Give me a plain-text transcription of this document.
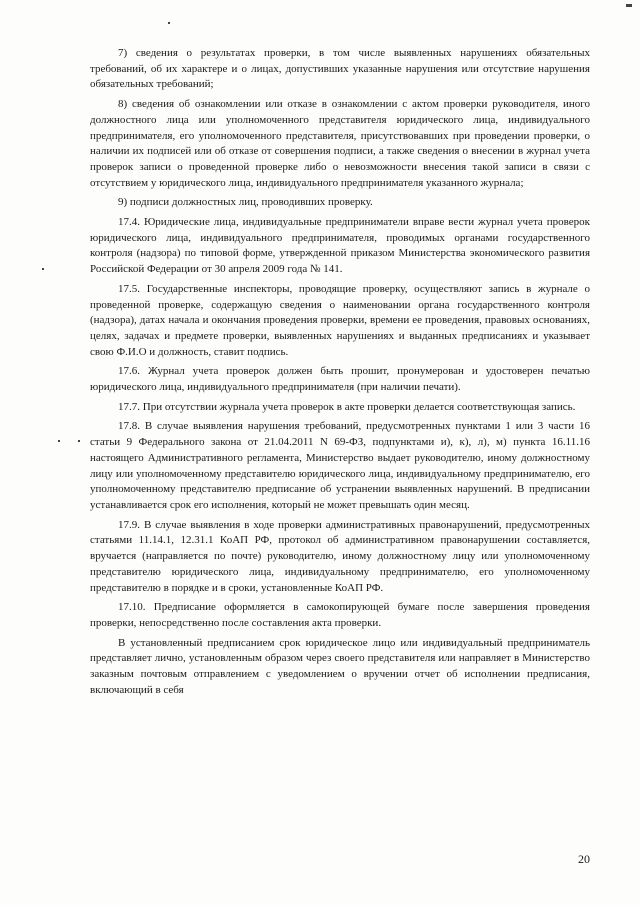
7) сведения о результатах проверки, в том числе выявленных нарушениях обязательных требований, об их характере и о лицах, допустивших указанные нарушения или отсутствие нарушения обязательных требований;

8) сведения об ознакомлении или отказе в ознакомлении с актом проверки руководителя, иного должностного лица или уполномоченного представителя юридического лица, индивидуального предпринимателя, его уполномоченного представителя, присутствовавших при проведении проверки, о наличии их подписей или об отказе от совершения подписи, а также сведения о внесении в журнал учета проверок записи о проведенной проверке либо о невозможности внесения такой записи в связи с отсутствием у юридического лица, индивидуального предпринимателя указанного журнала;

9) подписи должностных лиц, проводивших проверку.

17.4. Юридические лица, индивидуальные предприниматели вправе вести журнал учета проверок юридического лица, индивидуального предпринимателя, проводимых органами государственного контроля (надзора) по типовой форме, утвержденной приказом Министерства экономического развития Российской Федерации от 30 апреля 2009 года № 141.

17.5. Государственные инспекторы, проводящие проверку, осуществляют запись в журнале о проведенной проверке, содержащую сведения о наименовании органа государственного контроля (надзора), датах начала и окончания проведения проверки, времени ее проведения, правовых основаниях, целях, задачах и предмете проверки, выявленных нарушениях и выданных предписаниях и указывает свою Ф.И.О и должность, ставит подпись.

17.6. Журнал учета проверок должен быть прошит, пронумерован и удостоверен печатью юридического лица, индивидуального предпринимателя (при наличии печати).

17.7. При отсутствии журнала учета проверок в акте проверки делается соответствующая запись.

17.8. В случае выявления нарушения требований, предусмотренных пунктами 1 или 3 части 16 статьи 9 Федерального закона от 21.04.2011 N 69-ФЗ, подпунктами и), к), л), м) пункта 16.11.16 настоящего Административного регламента, Министерство выдает руководителю, иному должностному лицу или уполномоченному представителю юридического лица, индивидуальному предпринимателю, его уполномоченному представителю предписание об устранении выявленных нарушений. В предписании устанавливается срок его исполнения, который не может превышать один месяц.

17.9. В случае выявления в ходе проверки административных правонарушений, предусмотренных статьями 11.14.1, 12.31.1 КоАП РФ, протокол об административном правонарушении составляется, вручается (направляется по почте) руководителю, иному должностному лицу или уполномоченному представителю юридического лица, индивидуальному предпринимателю, его уполномоченному представителю в порядке и в сроки, установленные КоАП РФ.

17.10. Предписание оформляется в самокопирующей бумаге после завершения проведения проверки, непосредственно после составления акта проверки.

В установленный предписанием срок юридическое лицо или индивидуальный предприниматель представляет лично, установленным образом через своего представителя или направляет в Министерство заказным почтовым отправлением с уведомлением о вручении отчет об исполнении предписания, включающий в себя

20
